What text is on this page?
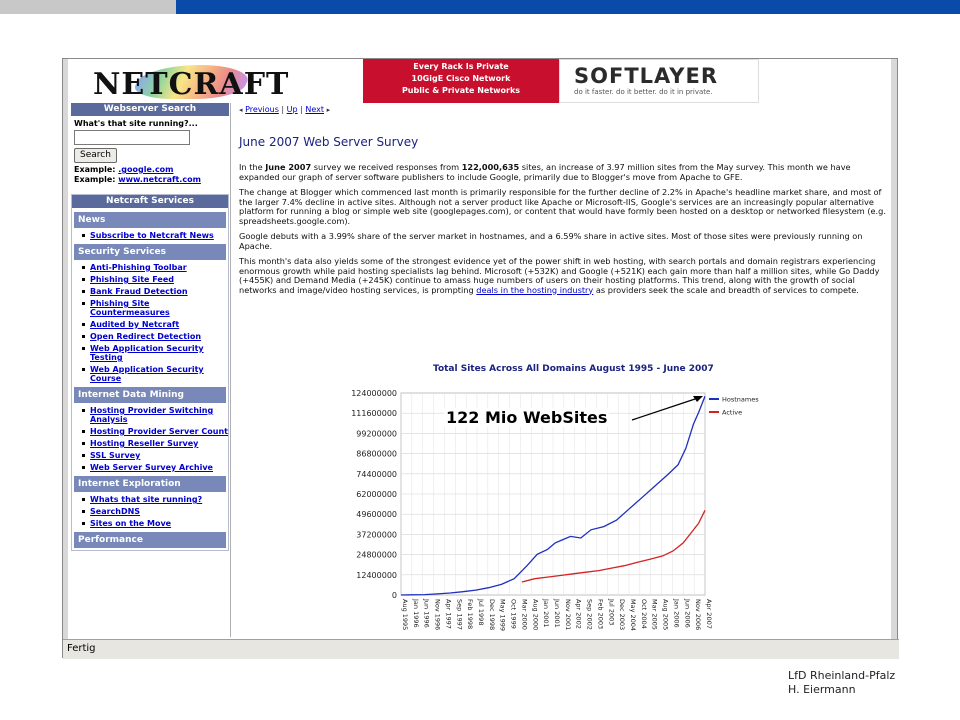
NETCRAFT
Every Rack Is Private
10GigE Cisco Network
Public & Private Networks
SOFTLAYER
do it faster. do it better. do it in private.
Webserver Search
What's that site running?...
Search
Example: .google.com
Example: www.netcraft.com
Netcraft Services
News
Subscribe to Netcraft News
Security Services
Anti-Phishing Toolbar
Phishing Site Feed
Bank Fraud Detection
Phishing Site Countermeasures
Audited by Netcraft
Open Redirect Detection
Web Application Security Testing
Web Application Security Course
Internet Data Mining
Hosting Provider Switching Analysis
Hosting Provider Server Count
Hosting Reseller Survey
SSL Survey
Web Server Survey Archive
Internet Exploration
Whats that site running?
SearchDNS
Sites on the Move
Performance
◂ Previous | Up | Next ▸
June 2007 Web Server Survey

In the June 2007 survey we received responses from 122,000,635 sites, an increase of 3.97 million sites from the May survey. This month we have expanded our graph of server software publishers to include Google, primarily due to Blogger's move from Apache to GFE.

The change at Blogger which commenced last month is primarily responsible for the further decline of 2.2% in Apache's headline market share, and most of the larger 7.4% decline in active sites. Although not a server product like Apache or Microsoft-IIS, Google's services are an increasingly popular alternative platform for running a blog or simple web site (googlepages.com), or content that would have formly been hosted on a desktop or networked filesystem (e.g. spreadsheets.google.com).

Google debuts with a 3.99% share of the server market in hostnames, and a 6.59% share in active sites. Most of those sites were previously running on Apache.

This month's data also yields some of the strongest evidence yet of the power shift in web hosting, with search portals and domain registrars experiencing enormous growth while paid hosting specialists lag behind. Microsoft (+532K) and Google (+521K) each gain more than half a million sites, while Go Daddy (+455K) and Demand Media (+245K) continue to amass huge numbers of users on their hosting platforms. This trend, along with the growth of social networks and image/video hosting services, is prompting deals in the hosting industry as providers seek the scale and breadth of services to compete.

Total Sites Across All Domains August 1995 - June 2007
124000000
111600000
99200000
86800000
74400000
62000000
49600000
37200000
24800000
12400000
0
Aug 1995 Jan 1996 Jun 1996 Nov 1996 Apr 1997 Sep 1997 Feb 1998 Jul 1998 Dec 1998 May 1999 Oct 1999 Mar 2000 Aug 2000 Jan 2001 Jun 2001 Nov 2001 Apr 2002 Sep 2002 Feb 2003 Jul 2003 Dec 2003 May 2004 Oct 2004 Mar 2005 Aug 2005 Jan 2006 Jun 2006 Nov 2006 Apr 2007
Hostnames
Active
Fertig
122 Mio WebSites
LfD Rheinland-Pfalz
H. Eiermann
